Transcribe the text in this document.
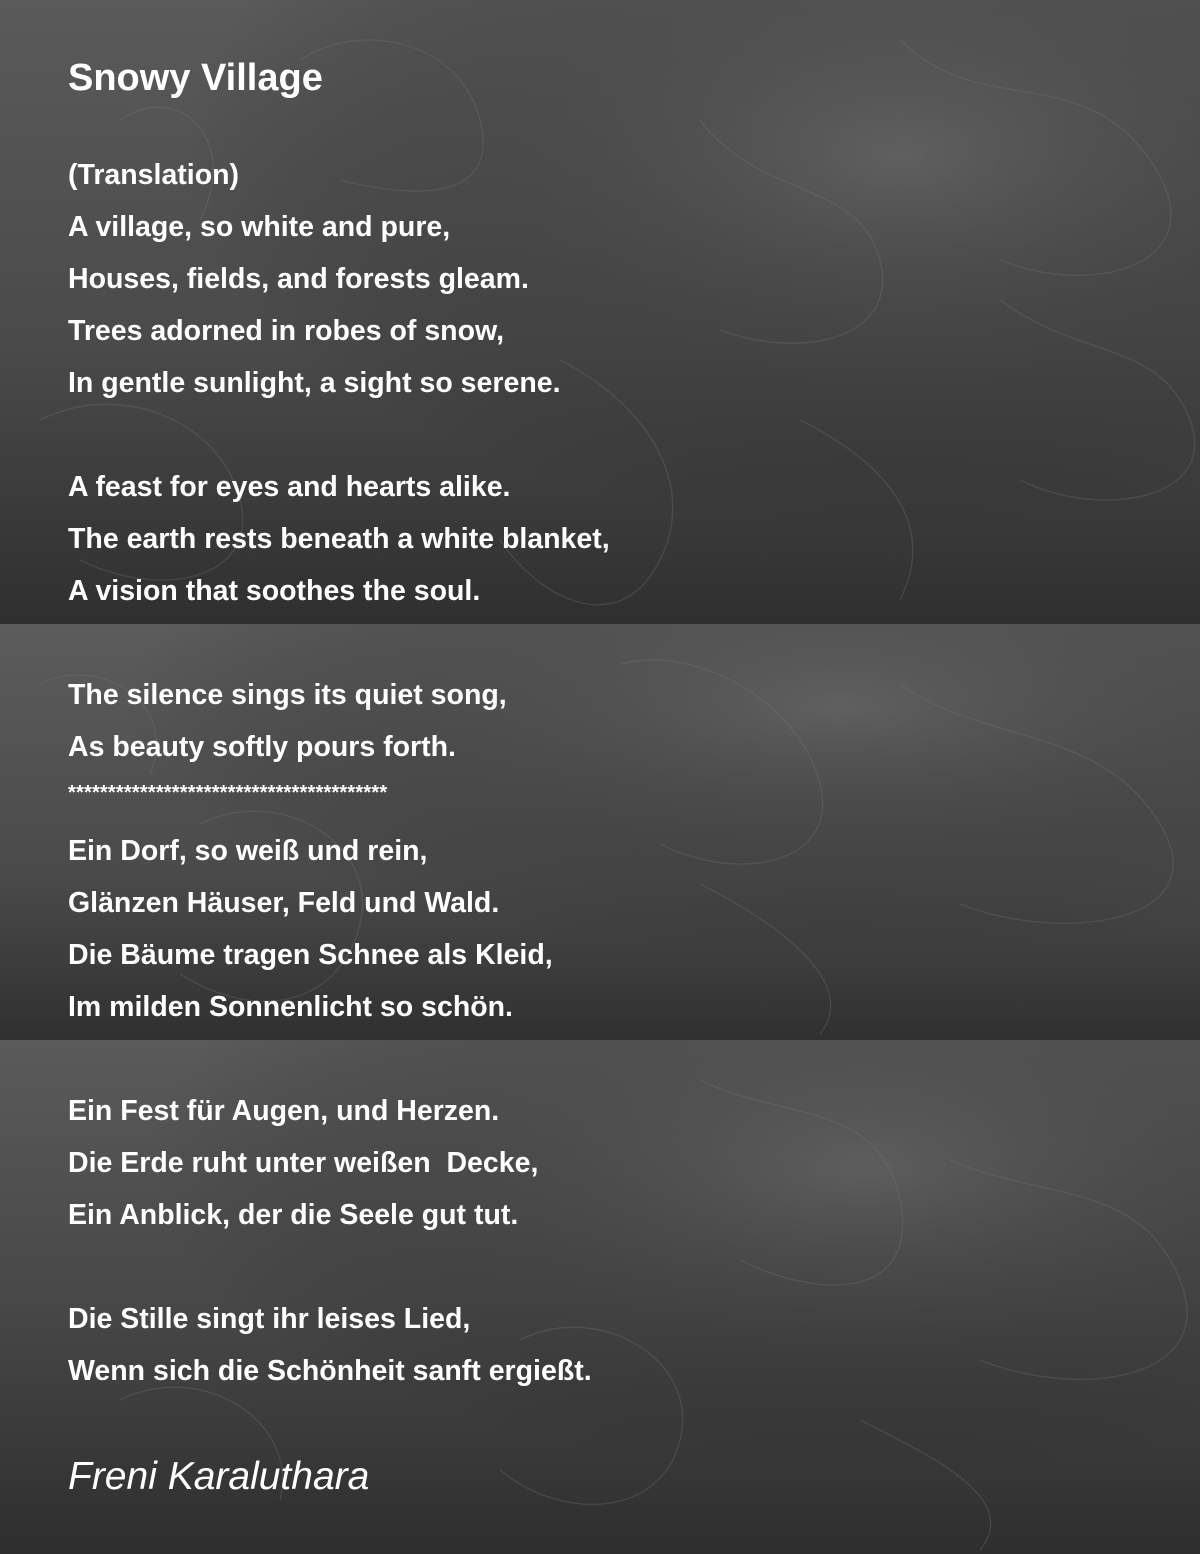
Snowy Village
(Translation)
A village, so white and pure,
Houses, fields, and forests gleam.
Trees adorned in robes of snow,
In gentle sunlight, a sight so serene.
A feast for eyes and hearts alike.
The earth rests beneath a white blanket,
A vision that soothes the soul.
The silence sings its quiet song,
As beauty softly pours forth.
****************************************
Ein Dorf, so weiß und rein,
Glänzen Häuser, Feld und Wald.
Die Bäume tragen Schnee als Kleid,
Im milden Sonnenlicht so schön.
Ein Fest für Augen, und Herzen.
Die Erde ruht unter weißen  Decke,
Ein Anblick, der die Seele gut tut.
Die Stille singt ihr leises Lied,
Wenn sich die Schönheit sanft ergießt.

Freni Karaluthara
